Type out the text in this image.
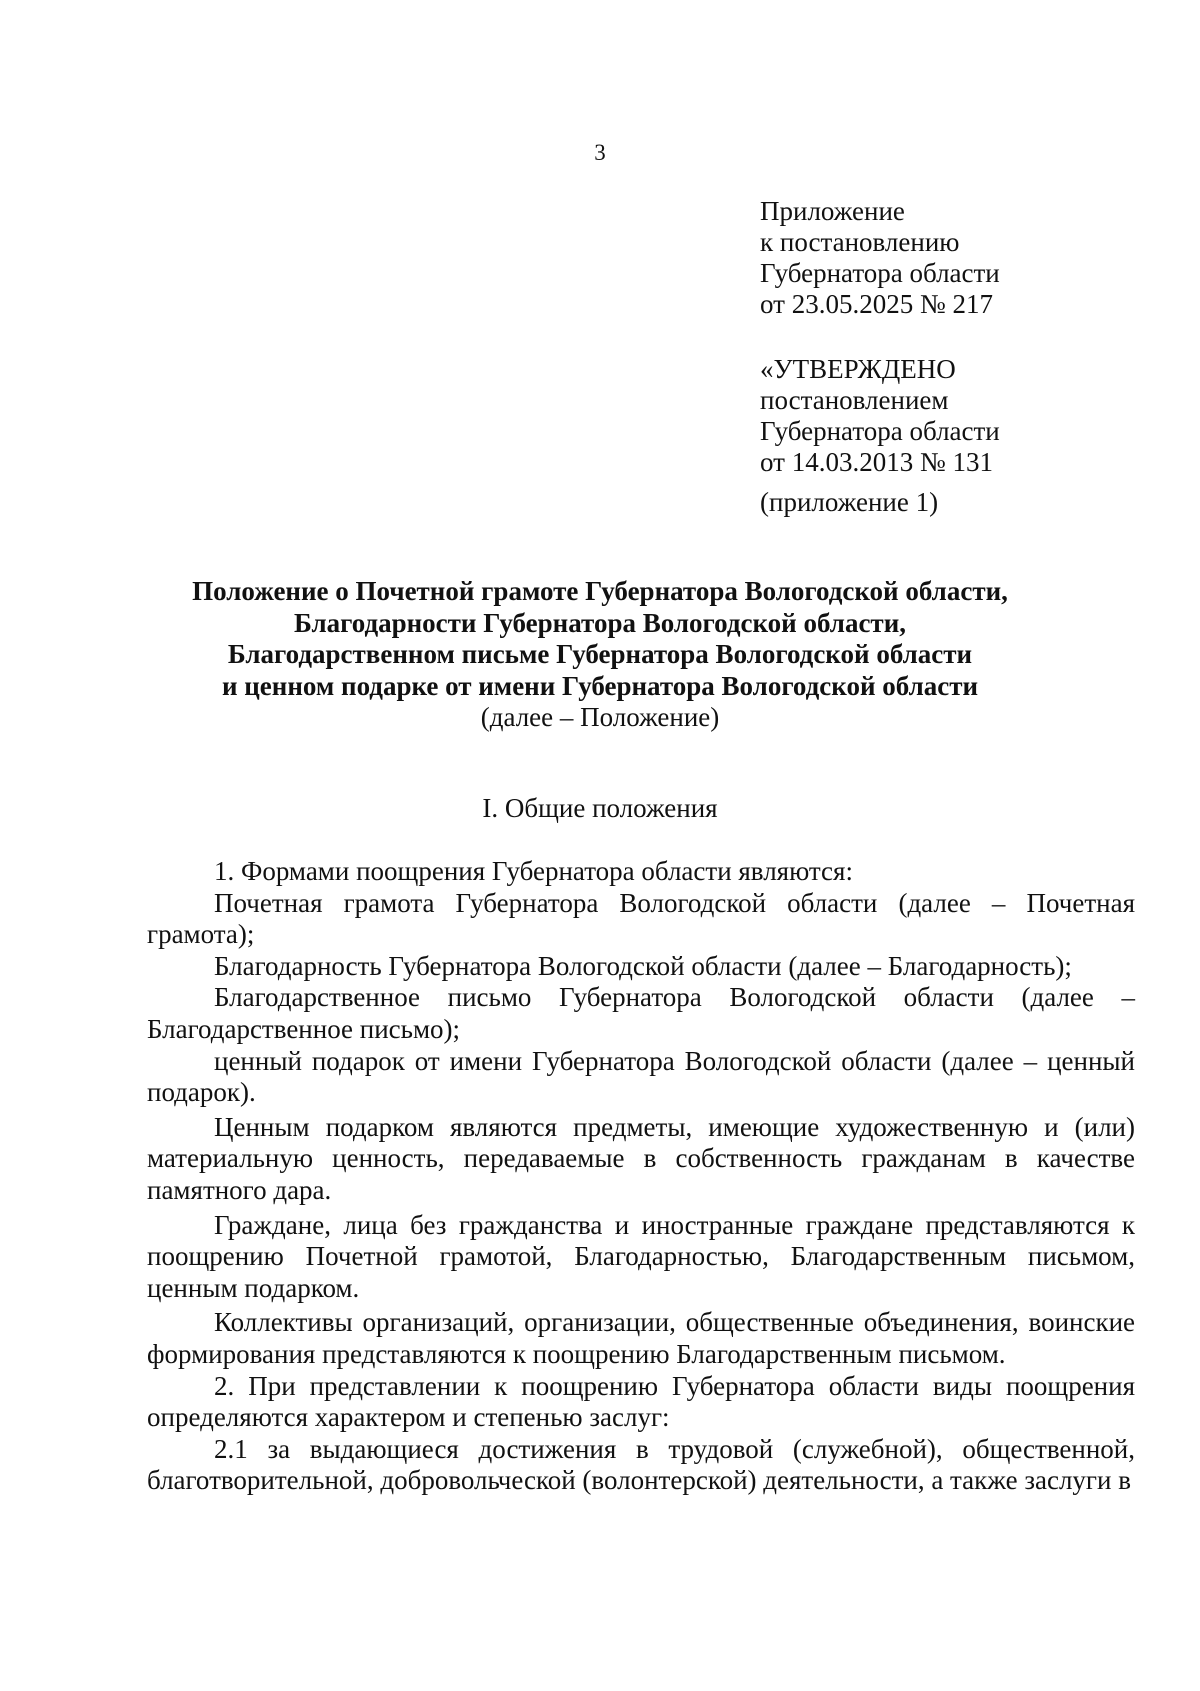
3
Приложение
к постановлению
Губернатора области
от 23.05.2025 № 217
«УТВЕРЖДЕНО
постановлением
Губернатора области
от 14.03.2013 № 131
(приложение 1)
Положение о Почетной грамоте Губернатора Вологодской области,
Благодарности Губернатора Вологодской области,
Благодарственном письме Губернатора Вологодской области
и ценном подарке от имени Губернатора Вологодской области
(далее – Положение)
I. Общие положения

1. Формами поощрения Губернатора области являются:

Почетная грамота Губернатора Вологодской области (далее – Почетная грамота);

Благодарность Губернатора Вологодской области (далее – Благодарность);

Благодарственное письмо Губернатора Вологодской области (далее – Благодарственное письмо);

ценный подарок от имени Губернатора Вологодской области (далее – ценный подарок).

Ценным подарком являются предметы, имеющие художественную и (или) материальную ценность, передаваемые в собственность гражданам в качестве памятного дара.

Граждане, лица без гражданства и иностранные граждане представляются к поощрению Почетной грамотой, Благодарностью, Благодарственным письмом, ценным подарком.

Коллективы организаций, организации, общественные объединения, воинские формирования представляются к поощрению Благодарственным письмом.

2. При представлении к поощрению Губернатора области виды поощрения определяются характером и степенью заслуг:

2.1 за выдающиеся достижения в трудовой (служебной), общественной, благотворительной, добровольческой (волонтерской) деятельности, а также заслуги в
